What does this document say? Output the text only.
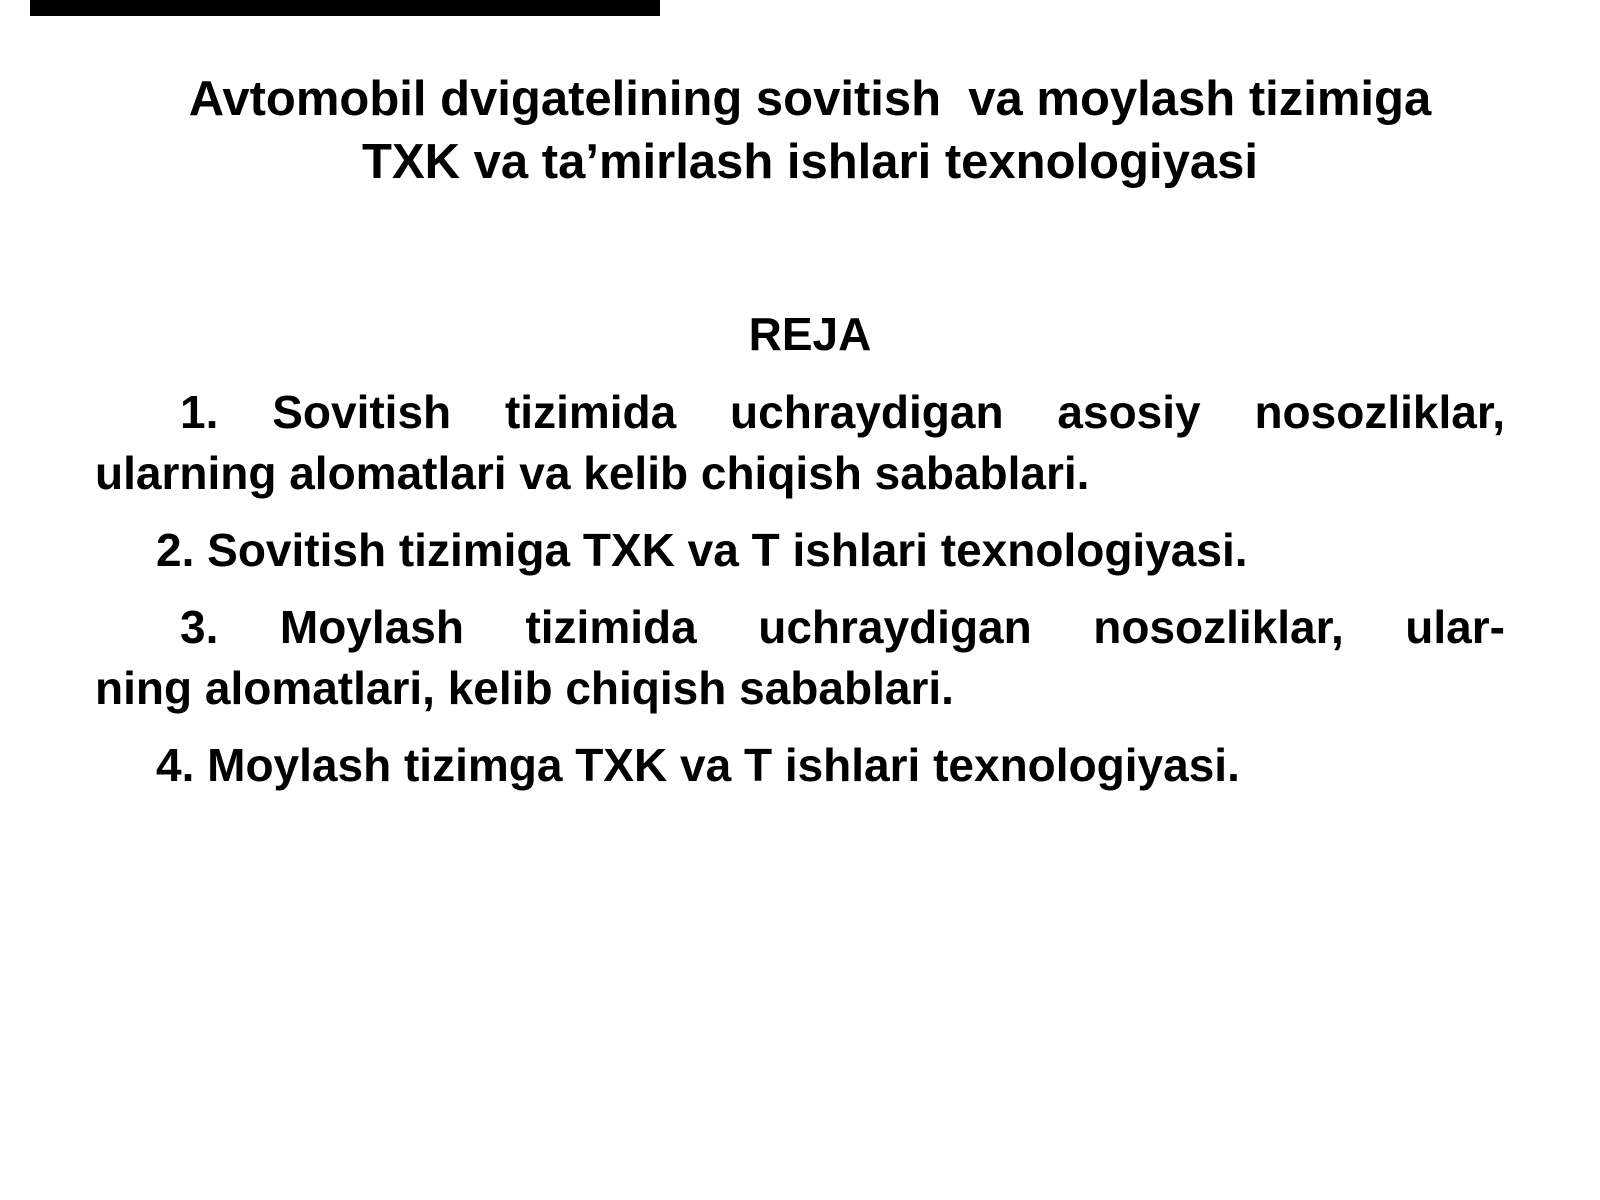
Avtomobil dvigatelining sovitish  va moylash tizimiga
TXK va ta’mirlash ishlari texnologiyasi
REJA
1. Sovitish tizimida uchraydigan asosiy nosozliklar,
ularning alomatlari va kelib chiqish sabablari.
2. Sovitish tizimiga TXK va T ishlari texnologiyasi.
3. Moylash tizimida uchraydigan nosozliklar, ular-
ning alomatlari, kelib chiqish sabablari.
4. Moylash tizimga TXK va T ishlari texnologiyasi.
